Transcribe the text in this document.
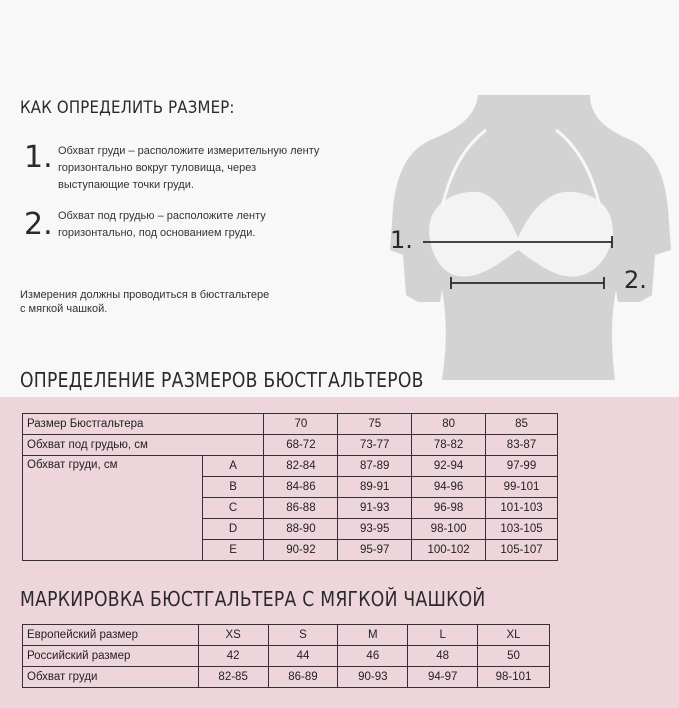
КАК ОПРЕДЕЛИТЬ РАЗМЕР:
1. Обхват груди – расположите измерительную ленту
горизонтально вокруг туловища, через
выступающие точки груди.
2. Обхват под грудью – расположите ленту
горизонтально, под основанием груди.
Измерения должны проводиться в бюстгальтере
с мягкой чашкой.
1.
2.
ОПРЕДЕЛЕНИЕ РАЗМЕРОВ БЮСТГАЛЬТЕРОВ
Размер Бюстгальтера		70	75	80	85
Обхват под грудью, см		68-72	73-77	78-82	83-87
Обхват груди, см	A	82-84	87-89	92-94	97-99
	B	84-86	89-91	94-96	99-101
	C	86-88	91-93	96-98	101-103
	D	88-90	93-95	98-100	103-105
	E	90-92	95-97	100-102	105-107
МАРКИРОВКА БЮСТГАЛЬТЕРА С МЯГКОЙ ЧАШКОЙ
Европейский размер	XS	S	M	L	XL
Российский размер	42	44	46	48	50
Обхват груди	82-85	86-89	90-93	94-97	98-101
